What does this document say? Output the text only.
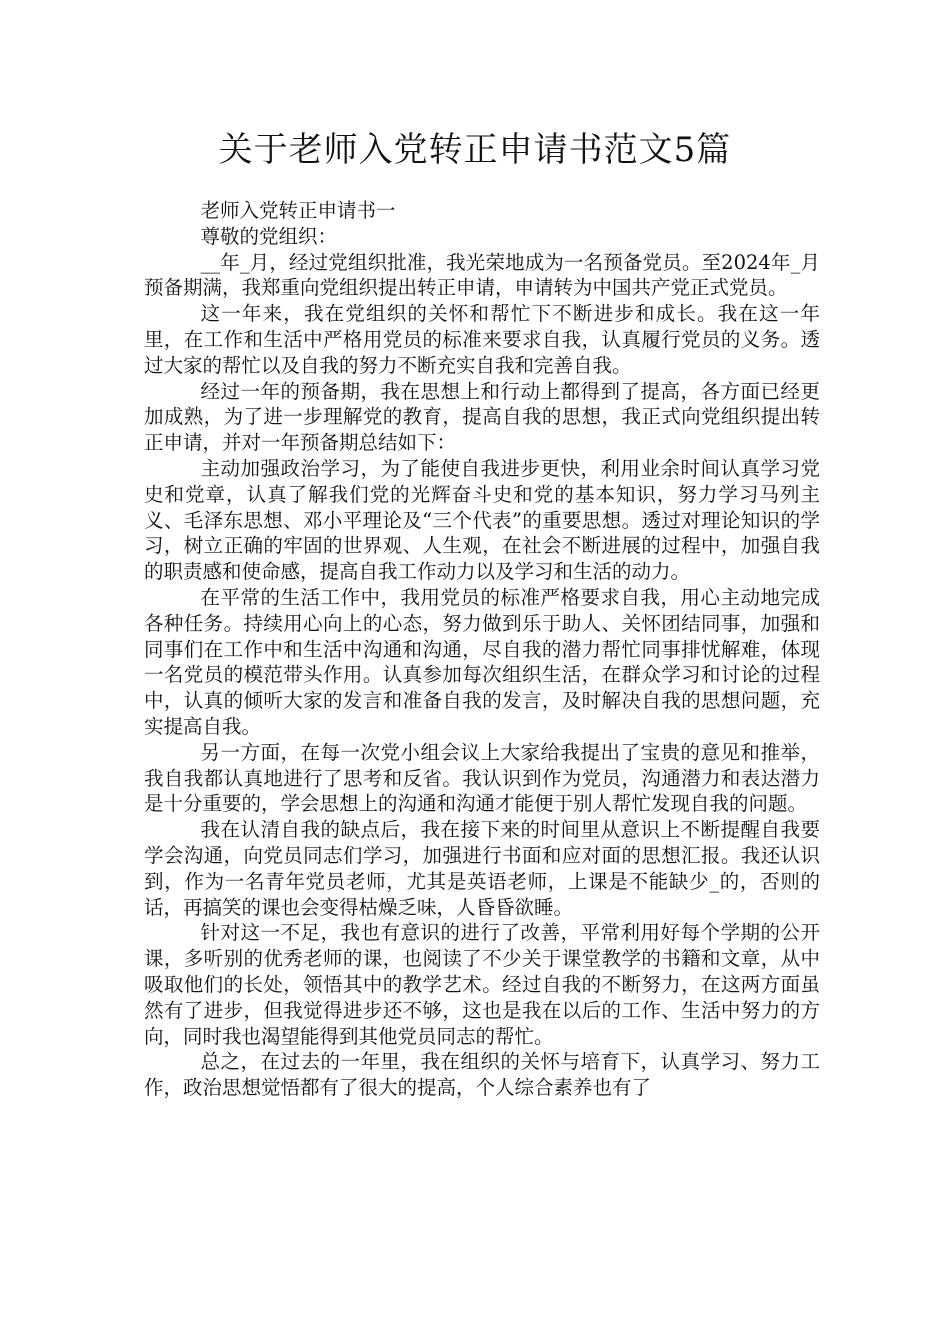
关于老师入党转正申请书范文5篇

老师入党转正申请书一

尊敬的党组织：

__年_月，经过党组织批准，我光荣地成为一名预备党员。至2024年_月预备期满，我郑重向党组织提出转正申请，申请转为中国共产党正式党员。

这一年来，我在党组织的关怀和帮忙下不断进步和成长。我在这一年里，在工作和生活中严格用党员的标准来要求自我，认真履行党员的义务。透过大家的帮忙以及自我的努力不断充实自我和完善自我。

经过一年的预备期，我在思想上和行动上都得到了提高，各方面已经更加成熟，为了进一步理解党的教育，提高自我的思想，我正式向党组织提出转正申请，并对一年预备期总结如下：

主动加强政治学习，为了能使自我进步更快，利用业余时间认真学习党史和党章，认真了解我们党的光辉奋斗史和党的基本知识，努力学习马列主义、毛泽东思想、邓小平理论及“三个代表”的重要思想。透过对理论知识的学习，树立正确的牢固的世界观、人生观，在社会不断进展的过程中，加强自我的职责感和使命感，提高自我工作动力以及学习和生活的动力。

在平常的生活工作中，我用党员的标准严格要求自我，用心主动地完成各种任务。持续用心向上的心态，努力做到乐于助人、关怀团结同事，加强和同事们在工作中和生活中沟通和沟通，尽自我的潜力帮忙同事排忧解难，体现一名党员的模范带头作用。认真参加每次组织生活，在群众学习和讨论的过程中，认真的倾听大家的发言和准备自我的发言，及时解决自我的思想问题，充实提高自我。

另一方面，在每一次党小组会议上大家给我提出了宝贵的意见和推举，我自我都认真地进行了思考和反省。我认识到作为党员，沟通潜力和表达潜力是十分重要的，学会思想上的沟通和沟通才能便于别人帮忙发现自我的问题。

我在认清自我的缺点后，我在接下来的时间里从意识上不断提醒自我要学会沟通，向党员同志们学习，加强进行书面和应对面的思想汇报。我还认识到，作为一名青年党员老师，尤其是英语老师，上课是不能缺少_的，否则的话，再搞笑的课也会变得枯燥乏味，人昏昏欲睡。

针对这一不足，我也有意识的进行了改善，平常利用好每个学期的公开课，多听别的优秀老师的课，也阅读了不少关于课堂教学的书籍和文章，从中吸取他们的长处，领悟其中的教学艺术。经过自我的不断努力，在这两方面虽然有了进步，但我觉得进步还不够，这也是我在以后的工作、生活中努力的方向，同时我也渴望能得到其他党员同志的帮忙。

总之，在过去的一年里，我在组织的关怀与培育下，认真学习、努力工作，政治思想觉悟都有了很大的提高，个人综合素养也有了
